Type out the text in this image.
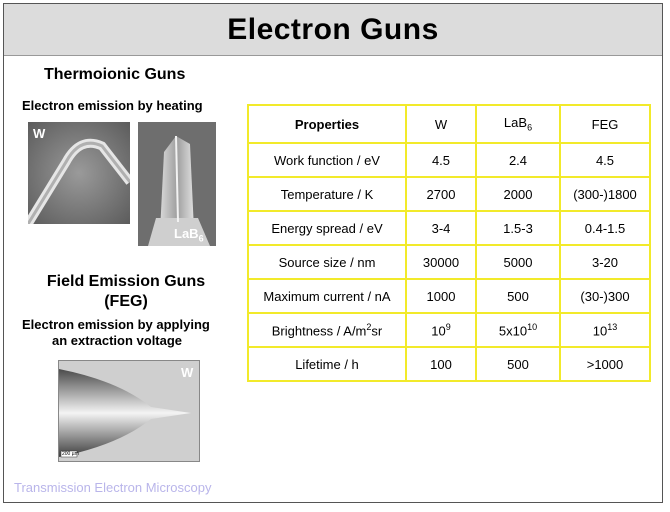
Electron Guns
Thermoionic Guns
Electron emission by heating
W
LaB$_6$
Field Emission Guns
(FEG)
Electron emission by applying
an extraction voltage
W
200 µm
Properties	W	LaB$_6$	FEG
Work function / eV	4.5	2.4	4.5
Temperature / K	2700	2000	(300-)1800
Energy spread / eV	3-4	1.5-3	0.4-1.5
Source size / nm	30000	5000	3-20
Maximum current / nA	1000	500	(30-)300
Brightness / $A/m^2sr$	$10^9$	$5x10^{10}$	$10^{13}$
Lifetime / h	100	500	>1000
Transmission Electron Microscopy
